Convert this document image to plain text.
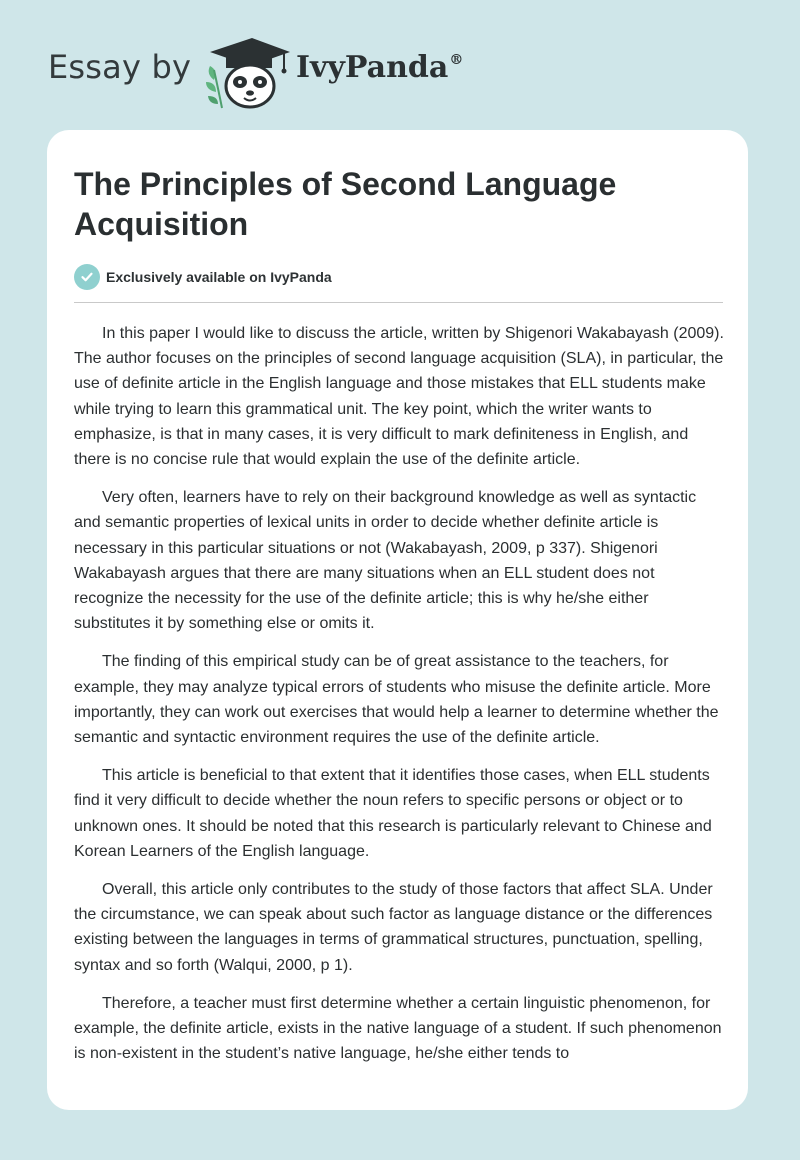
Essay by	IvyPanda®
The Principles of Second Language Acquisition
Exclusively available on IvyPanda

In this paper I would like to discuss the article, written by Shigenori Wakabayash (2009). The author focuses on the principles of second language acquisition (SLA), in particular, the use of definite article in the English language and those mistakes that ELL students make while trying to learn this grammatical unit. The key point, which the writer wants to emphasize, is that in many cases, it is very difficult to mark definiteness in English, and there is no concise rule that would explain the use of the definite article.

Very often, learners have to rely on their background knowledge as well as syntactic and semantic properties of lexical units in order to decide whether definite article is necessary in this particular situations or not (Wakabayash, 2009, p 337). Shigenori Wakabayash argues that there are many situations when an ELL student does not recognize the necessity for the use of the definite article; this is why he/she either substitutes it by something else or omits it.

The finding of this empirical study can be of great assistance to the teachers, for example, they may analyze typical errors of students who misuse the definite article. More importantly, they can work out exercises that would help a learner to determine whether the semantic and syntactic environment requires the use of the definite article.

This article is beneficial to that extent that it identifies those cases, when ELL students find it very difficult to decide whether the noun refers to specific persons or object or to unknown ones. It should be noted that this research is particularly relevant to Chinese and Korean Learners of the English language.

Overall, this article only contributes to the study of those factors that affect SLA. Under the circumstance, we can speak about such factor as language distance or the differences existing between the languages in terms of grammatical structures, punctuation, spelling, syntax and so forth (Walqui, 2000, p 1).

Therefore, a teacher must first determine whether a certain linguistic phenomenon, for example, the definite article, exists in the native language of a student. If such phenomenon is non-existent in the student’s native language, he/she either tends to
